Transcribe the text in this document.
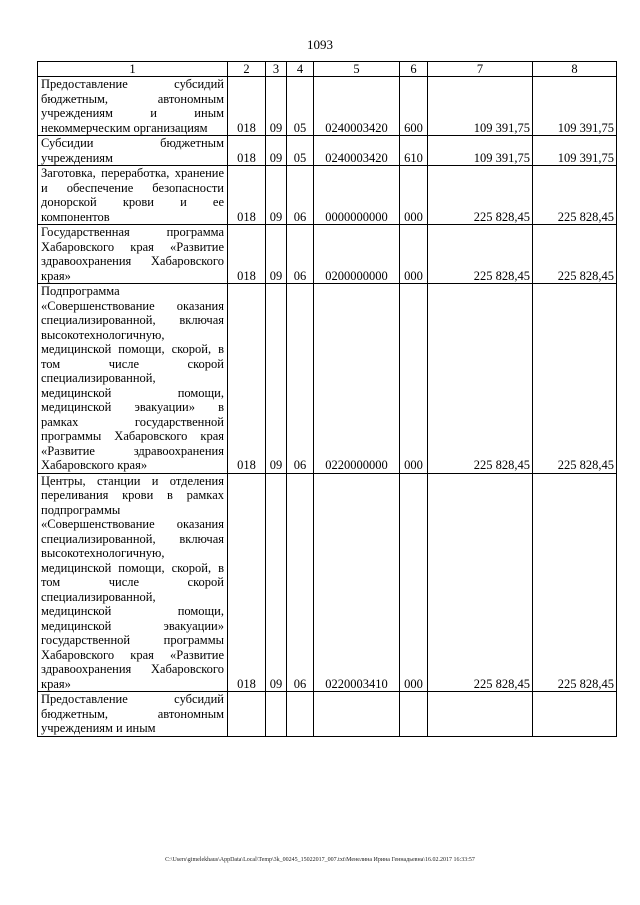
1093
1	2	3	4	5	6	7	8
Предоставление субсидий бюджетным, автономным учреждениям и иным некоммерческим организациям	018	09	05	0240003420	600	109 391,75	109 391,75
Субсидии бюджетным учреждениям	018	09	05	0240003420	610	109 391,75	109 391,75
Заготовка, переработка, хранение и обеспечение безопасности донорской крови и ее компонентов	018	09	06	0000000000	000	225 828,45	225 828,45
Государственная программа Хабаровского края «Развитие здравоохранения Хабаровского края»	018	09	06	0200000000	000	225 828,45	225 828,45
Подпрограмма «Совершенствование оказания специализированной, включая высокотехнологичную, медицинской помощи, скорой, в том числе скорой специализированной, медицинской помощи, медицинской эвакуации» в рамках государственной программы Хабаровского края «Развитие здравоохранения Хабаровского края»	018	09	06	0220000000	000	225 828,45	225 828,45
Центры, станции и отделения переливания крови в рамках подпрограммы «Совершенствование оказания специализированной, включая высокотехнологичную, медицинской помощи, скорой, в том числе скорой специализированной, медицинской помощи, медицинской эвакуации» государственной программы Хабаровского края «Развитие здравоохранения Хабаровского края»	018	09	06	0220003410	000	225 828,45	225 828,45
Предоставление субсидий бюджетным, автономным учреждениям и иным							
C:\Users\gimelekhaus\AppData\Local\Temp\3k_00245_15022017_007.txt\Менелина Ирина Геннадьевна\16.02.2017 16:33:57
